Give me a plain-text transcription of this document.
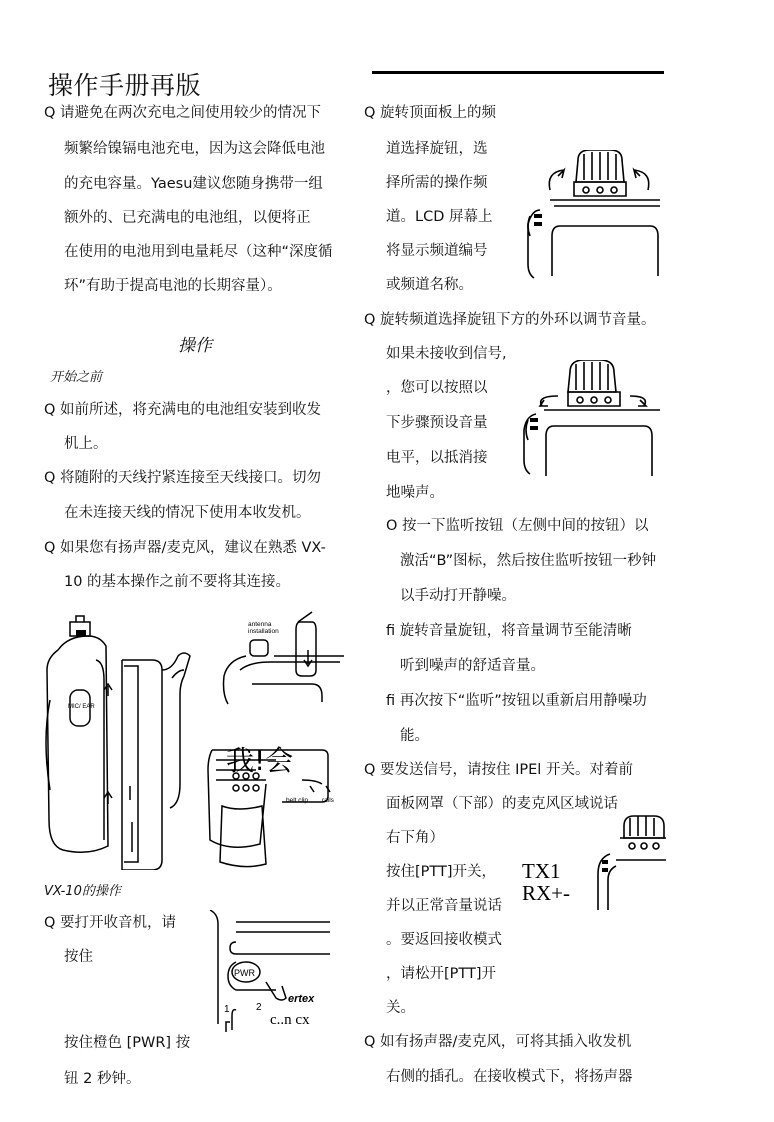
操作手册再版
Q 请避免在两次充电之间使用较少的情况下
频繁给镍镉电池充电，因为这会降低电池
的充电容量。Yaesu建议您随身携带一组
额外的、已充满电的电池组，以便将正
在使用的电池用到电量耗尽（这种“深度循
环”有助于提高电池的长期容量）。
操作
开始之前
Q 如前所述，将充满电的电池组安装到收发
机上。
Q 将随附的天线拧紧连接至天线接口。切勿
在未连接天线的情况下使用本收发机。
Q 如果您有扬声器/麦克风，建议在熟悉 VX-
10 的基本操作之前不要将其连接。
MIC/ EAR
antenna
installation
我!会
belt clip rails
VX-10的操作
Q 要打开收音机，请
按住
PWR
ertex
1	2
c..n cx
按住橙色 [PWR] 按
钮 2 秒钟。
Q 旋转顶面板上的频
道选择旋钮，选
择所需的操作频
道。LCD 屏幕上
将显示频道编号
或频道名称。
Q 旋转频道选择旋钮下方的外环以调节音量。
如果未接收到信号,
，您可以按照以
下步骤预设音量
电平，以抵消接
地噪声。
O 按一下监听按钮（左侧中间的按钮）以
激活“B”图标，然后按住监听按钮一秒钟
以手动打开静噪。
fi 旋转音量旋钮，将音量调节至能清晰
听到噪声的舒适音量。
fi 再次按下“监听”按钮以重新启用静噪功
能。
Q 要发送信号，请按住 IPEl 开关。对着前
面板网罩（下部）的麦克风区域说话
右下角）
按住[PTT]开关，
并以正常音量说话
。要返回接收模式
，请松开[PTT]开
关。
TX1
RX+-
Q 如有扬声器/麦克风，可将其插入收发机
右侧的插孔。在接收模式下，将扬声器
